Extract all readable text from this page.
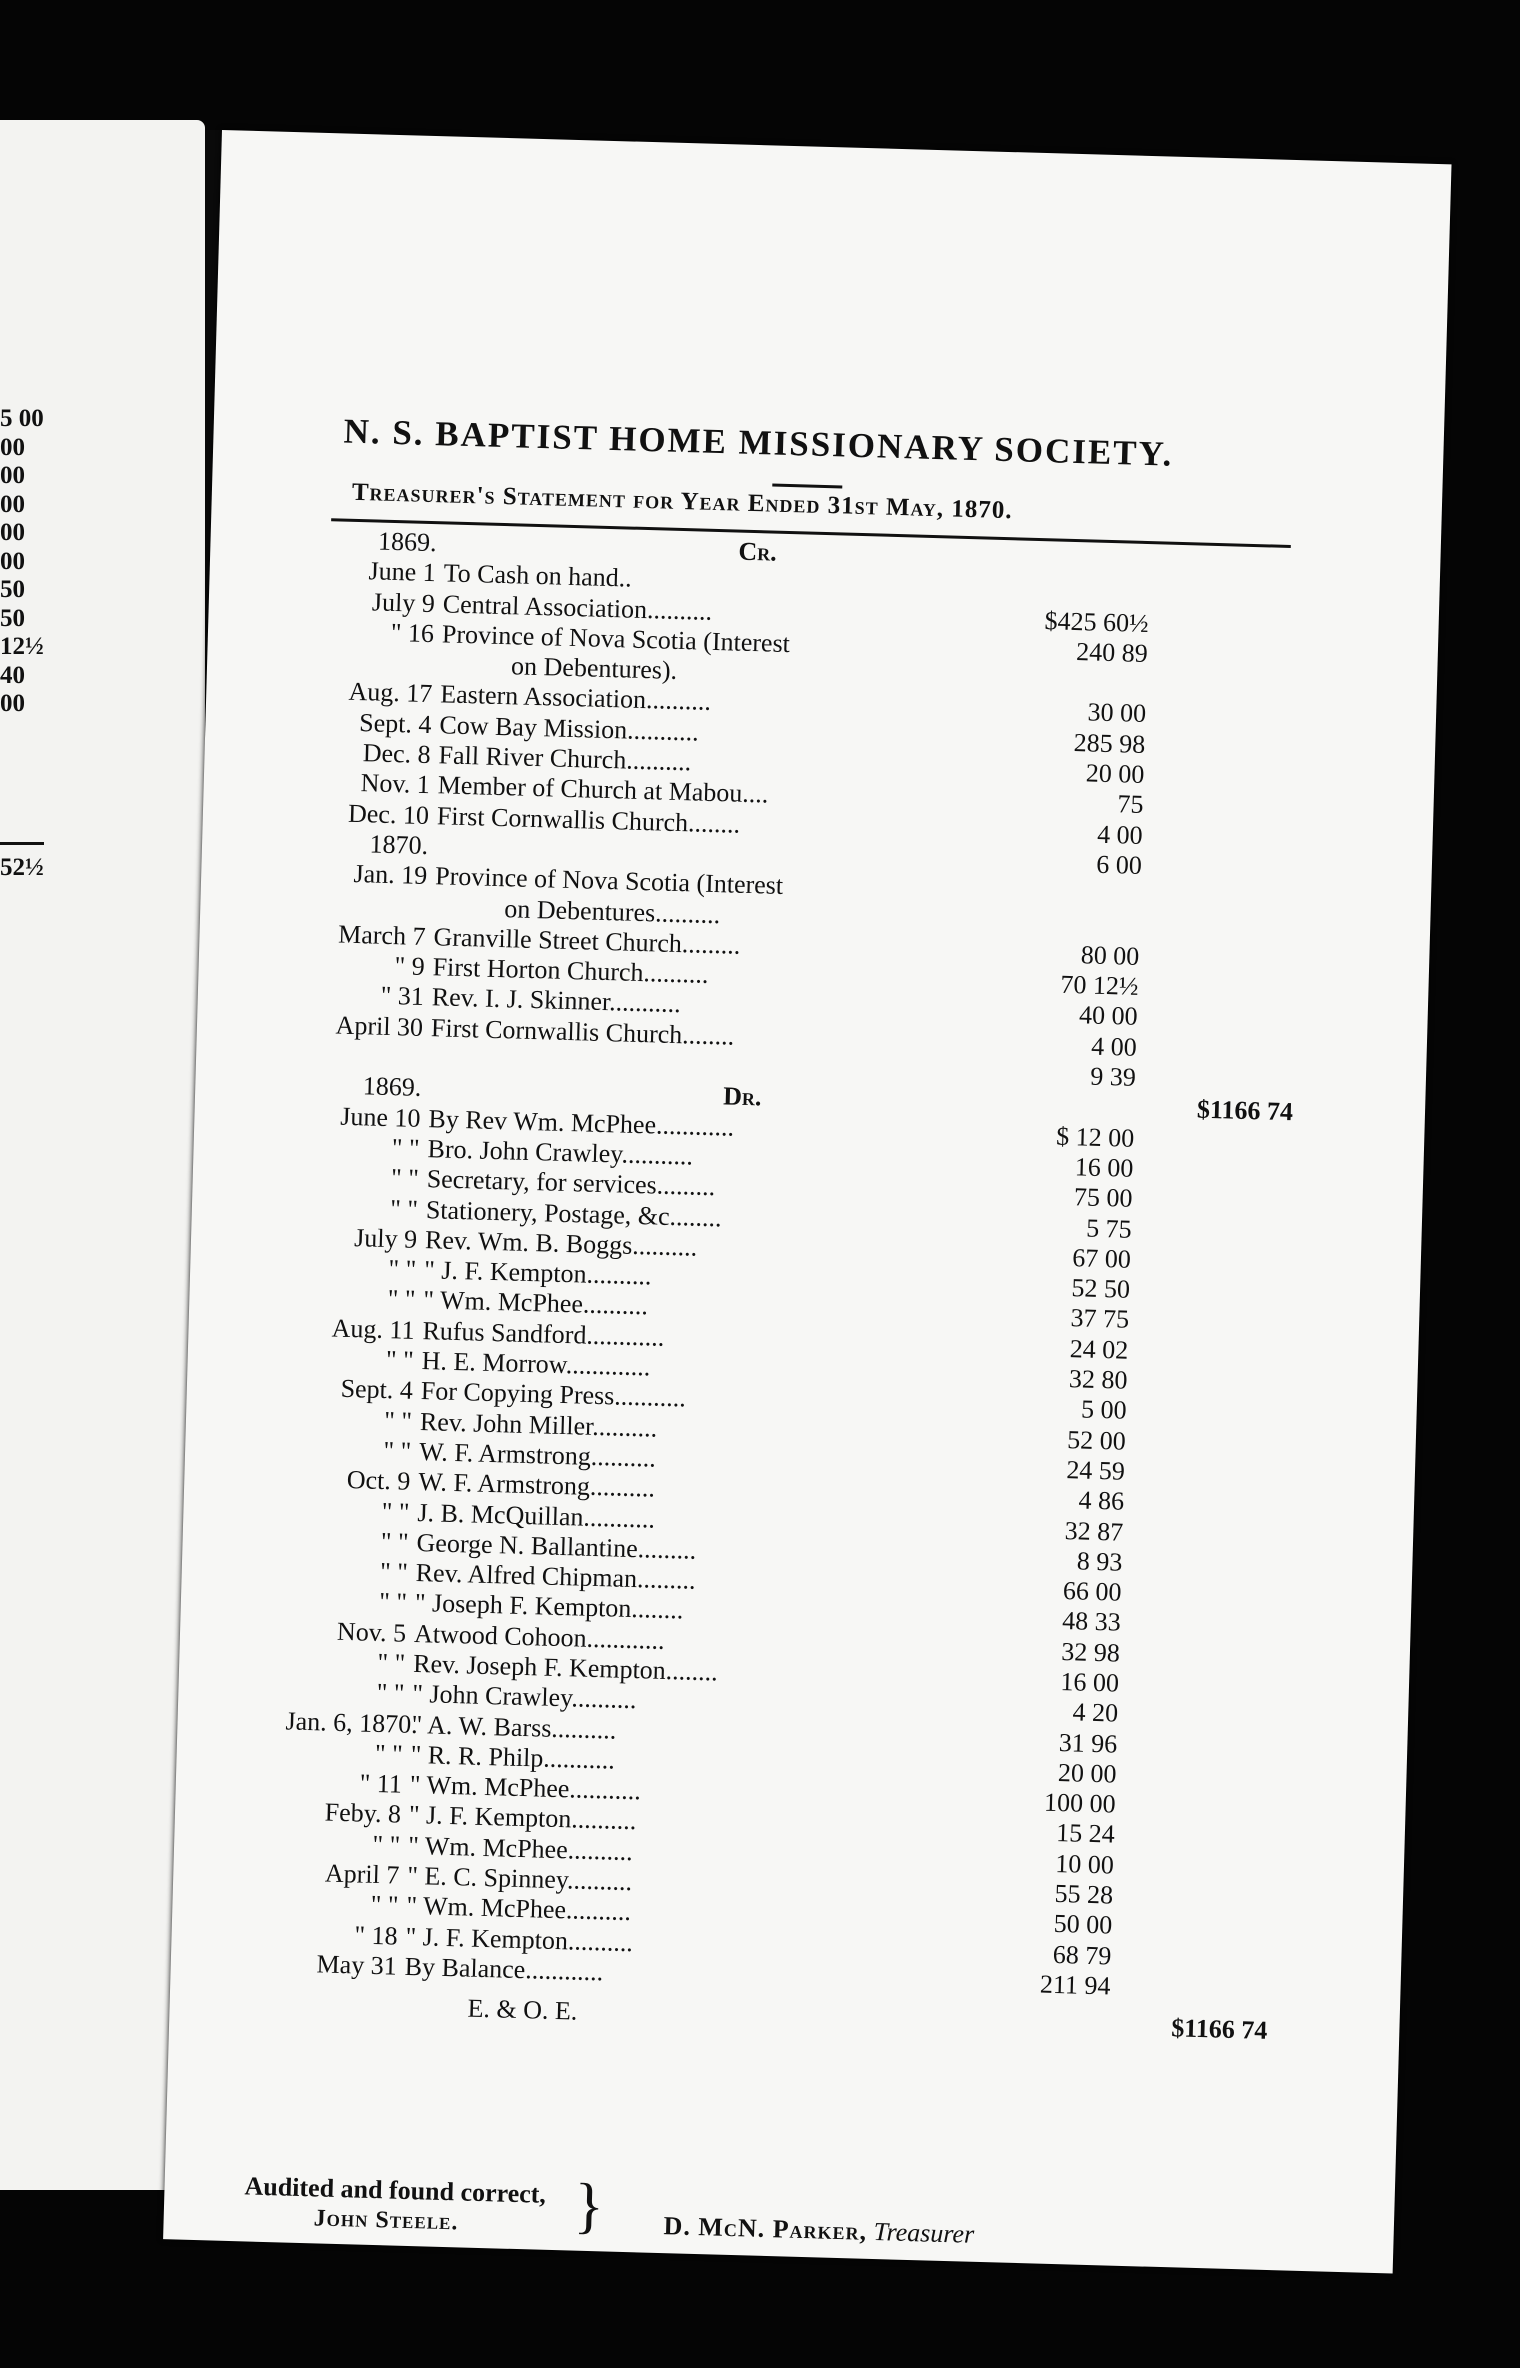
5 00
00
00
00
00
00
50
50
12½
40
00
52½
N. S. BAPTIST HOME MISSIONARY SOCIETY.
Treasurer's Statement for Year Ended 31st May, 1870.
1869.	Cr.
June 1 To Cash on hand..
July 9 Central Association..........	$425 60½
" 16 Province of Nova Scotia (Interest	240 89
on Debentures).
Aug. 17 Eastern Association..........	30 00
Sept. 4 Cow Bay Mission...........	285 98
Dec. 8 Fall River Church..........	20 00
Nov. 1 Member of Church at Mabou....	75
Dec. 10 First Cornwallis Church........	4 00
1870.
6 00
Jan. 19 Province of Nova Scotia (Interest
on Debentures..........
March 7 Granville Street Church.........	80 00
" 9 First Horton Church..........	70 12½
" 31 Rev. I. J. Skinner...........	40 00
April 30 First Cornwallis Church........	4 00
9 39
1869.	Dr.	$1166 74
June 10 By Rev Wm. McPhee............	$ 12 00
" " Bro. John Crawley...........	16 00
" " Secretary, for services.........	75 00
" " Stationery, Postage, &c........	5 75
July 9 Rev. Wm. B. Boggs..........	67 00
" " " J. F. Kempton..........	52 50
" " " Wm. McPhee..........	37 75
Aug. 11 Rufus Sandford............	24 02
" " H. E. Morrow.............	32 80
Sept. 4 For Copying Press...........	5 00
" " Rev. John Miller..........	52 00
" " W. F. Armstrong..........	24 59
Oct. 9 W. F. Armstrong..........	4 86
" " J. B. McQuillan...........	32 87
" " George N. Ballantine.........	8 93
" " Rev. Alfred Chipman.........	66 00
" " " Joseph F. Kempton........	48 33
Nov. 5 Atwood Cohoon............	32 98
" " Rev. Joseph F. Kempton........	16 00
" " " John Crawley..........	4 20
Jan. 6, 1870.
" A. W. Barss..........	31 96
" " " R. R. Philp...........	20 00
" 11 " Wm. McPhee...........	100 00
Feby. 8 " J. F. Kempton..........	15 24
" " " Wm. McPhee..........	10 00
April 7 " E. C. Spinney..........	55 28
" " " Wm. McPhee..........	50 00
" 18 " J. F. Kempton..........	68 79
May 31 By Balance............	211 94
E. & O. E.
$1166 74
Audited and found correct,
John Steele. } D. McN. Parker, Treasurer
